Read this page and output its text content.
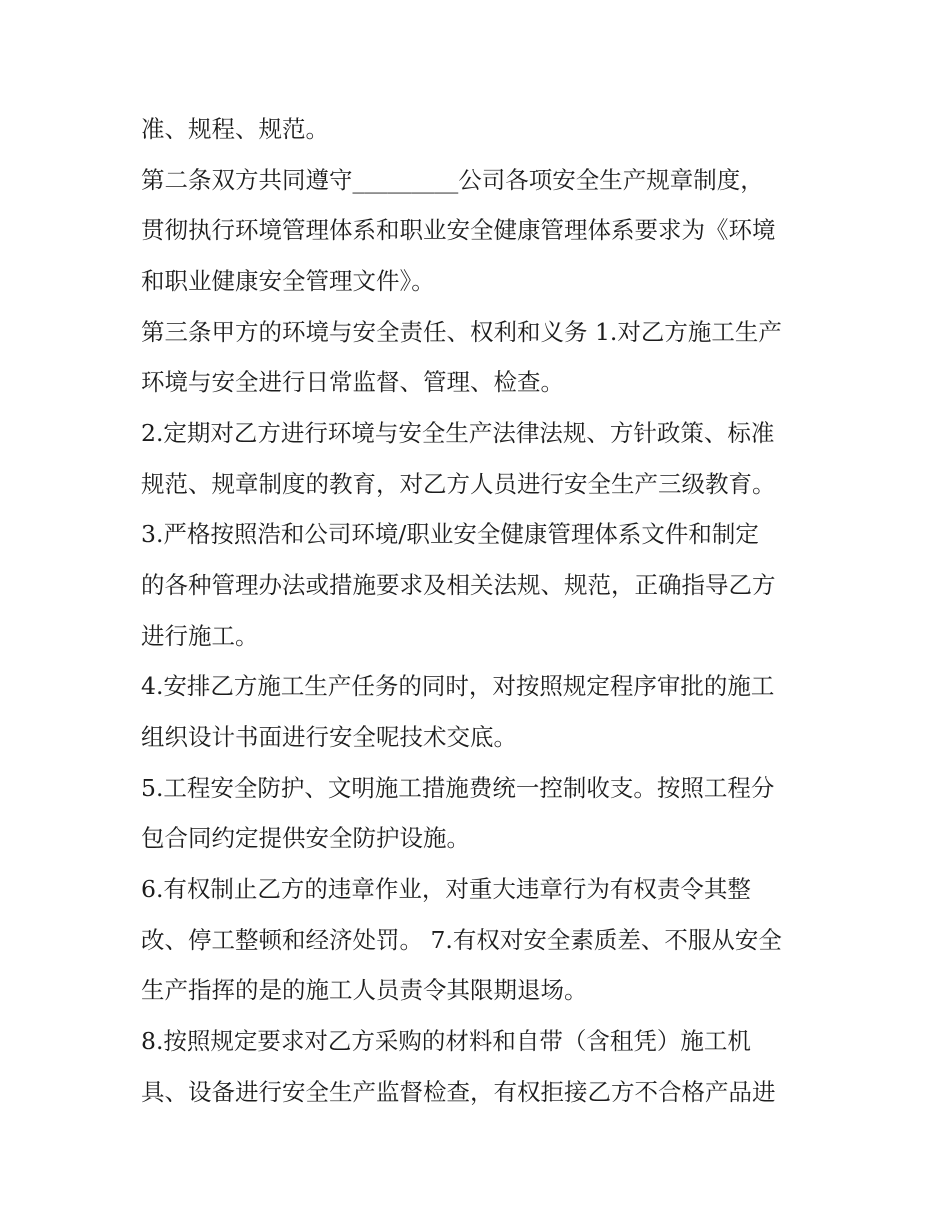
准、规程、规范。

第二条双方共同遵守_________公司各项安全生产规章制度，

贯彻执行环境管理体系和职业安全健康管理体系要求为《环境

和职业健康安全管理文件》。

第三条甲方的环境与安全责任、权利和义务 1.对乙方施工生产

环境与安全进行日常监督、管理、检查。

2.定期对乙方进行环境与安全生产法律法规、方针政策、标准

规范、规章制度的教育，对乙方人员进行安全生产三级教育。

3.严格按照浩和公司环境/职业安全健康管理体系文件和制定

的各种管理办法或措施要求及相关法规、规范，正确指导乙方

进行施工。

4.安排乙方施工生产任务的同时，对按照规定程序审批的施工

组织设计书面进行安全呢技术交底。

5.工程安全防护、文明施工措施费统一控制收支。按照工程分

包合同约定提供安全防护设施。

6.有权制止乙方的违章作业，对重大违章行为有权责令其整

改、停工整顿和经济处罚。 7.有权对安全素质差、不服从安全

生产指挥的是的施工人员责令其限期退场。

8.按照规定要求对乙方采购的材料和自带（含租凭）施工机

具、设备进行安全生产监督检查，有权拒接乙方不合格产品进
